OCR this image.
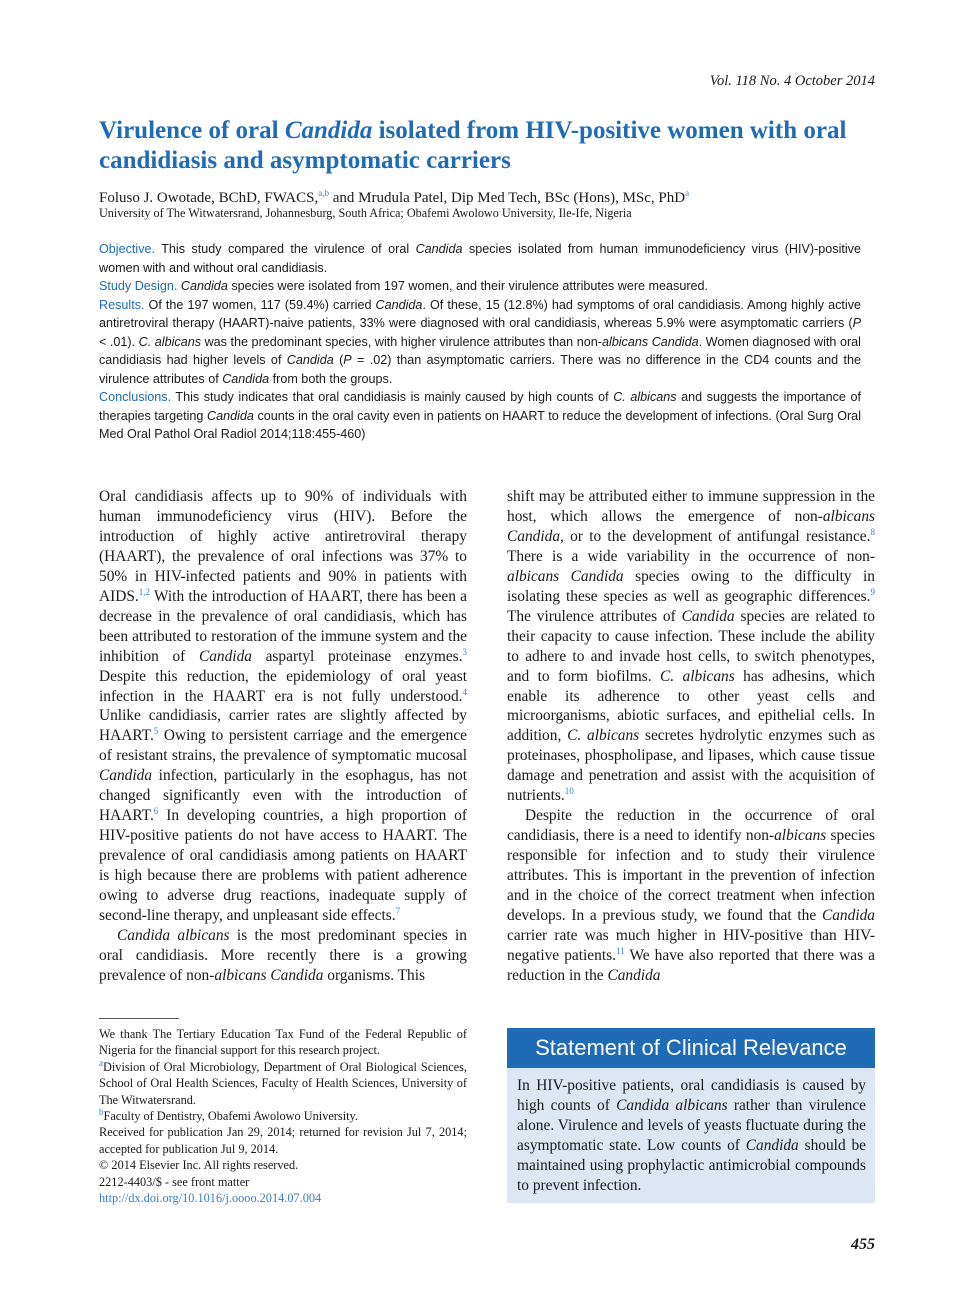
Vol. 118 No. 4 October 2014
Virulence of oral Candida isolated from HIV-positive women with oral candidiasis and asymptomatic carriers
Foluso J. Owotade, BChD, FWACS,$^{a,b}$ and Mrudula Patel, Dip Med Tech, BSc (Hons), MSc, PhD$^a$
University of The Witwatersrand, Johannesburg, South Africa; Obafemi Awolowo University, Ile-Ife, Nigeria

Objective. This study compared the virulence of oral Candida species isolated from human immunodeficiency virus (HIV)-positive women with and without oral candidiasis.

Study Design. Candida species were isolated from 197 women, and their virulence attributes were measured.

Results. Of the 197 women, 117 (59.4%) carried Candida. Of these, 15 (12.8%) had symptoms of oral candidiasis. Among highly active antiretroviral therapy (HAART)-naive patients, 33% were diagnosed with oral candidiasis, whereas 5.9% were asymptomatic carriers (P < .01). C. albicans was the predominant species, with higher virulence attributes than non-albicans Candida. Women diagnosed with oral candidiasis had higher levels of Candida (P = .02) than asymptomatic carriers. There was no difference in the CD4 counts and the virulence attributes of Candida from both the groups.

Conclusions. This study indicates that oral candidiasis is mainly caused by high counts of C. albicans and suggests the importance of therapies targeting Candida counts in the oral cavity even in patients on HAART to reduce the development of infections. (Oral Surg Oral Med Oral Pathol Oral Radiol 2014;118:455-460)

Oral candidiasis affects up to 90% of individuals with human immunodeficiency virus (HIV). Before the introduction of highly active antiretroviral therapy (HAART), the prevalence of oral infections was 37% to 50% in HIV-infected patients and 90% in patients with AIDS.$^{1,2}$ With the introduction of HAART, there has been a decrease in the prevalence of oral candidiasis, which has been attributed to restoration of the immune system and the inhibition of Candida aspartyl proteinase enzymes.$^3$ Despite this reduction, the epidemiology of oral yeast infection in the HAART era is not fully understood.$^4$ Unlike candidiasis, carrier rates are slightly affected by HAART.$^5$ Owing to persistent carriage and the emergence of resistant strains, the prevalence of symptomatic mucosal Candida infection, particularly in the esophagus, has not changed significantly even with the introduction of HAART.$^6$ In developing countries, a high proportion of HIV-positive patients do not have access to HAART. The prevalence of oral candidiasis among patients on HAART is high because there are problems with patient adherence owing to adverse drug reactions, inadequate supply of second-line therapy, and unpleasant side effects.$^7$

Candida albicans is the most predominant species in oral candidiasis. More recently there is a growing prevalence of non-albicans Candida organisms. This

shift may be attributed either to immune suppression in the host, which allows the emergence of non-albicans Candida, or to the development of antifungal resistance.$^8$ There is a wide variability in the occurrence of non-albicans Candida species owing to the difficulty in isolating these species as well as geographic differences.$^9$ The virulence attributes of Candida species are related to their capacity to cause infection. These include the ability to adhere to and invade host cells, to switch phenotypes, and to form biofilms. C. albicans has adhesins, which enable its adherence to other yeast cells and microorganisms, abiotic surfaces, and epithelial cells. In addition, C. albicans secretes hydrolytic enzymes such as proteinases, phospholipase, and lipases, which cause tissue damage and penetration and assist with the acquisition of nutrients.$^{10}$

Despite the reduction in the occurrence of oral candidiasis, there is a need to identify non-albicans species responsible for infection and to study their virulence attributes. This is important in the prevention of infection and in the choice of the correct treatment when infection develops. In a previous study, we found that the Candida carrier rate was much higher in HIV-positive than HIV-negative patients.$^{11}$ We have also reported that there was a reduction in the Candida

We thank The Tertiary Education Tax Fund of the Federal Republic of Nigeria for the financial support for this research project.

$^a$Division of Oral Microbiology, Department of Oral Biological Sciences, School of Oral Health Sciences, Faculty of Health Sciences, University of The Witwatersrand.

$^b$Faculty of Dentistry, Obafemi Awolowo University.

Received for publication Jan 29, 2014; returned for revision Jul 7, 2014; accepted for publication Jul 9, 2014.

© 2014 Elsevier Inc. All rights reserved.

2212-4403/$ - see front matter

http://dx.doi.org/10.1016/j.oooo.2014.07.004

Statement of Clinical Relevance
In HIV-positive patients, oral candidiasis is caused by high counts of Candida albicans rather than virulence alone. Virulence and levels of yeasts fluctuate during the asymptomatic state. Low counts of Candida should be maintained using prophylactic antimicrobial compounds to prevent infection.
455
